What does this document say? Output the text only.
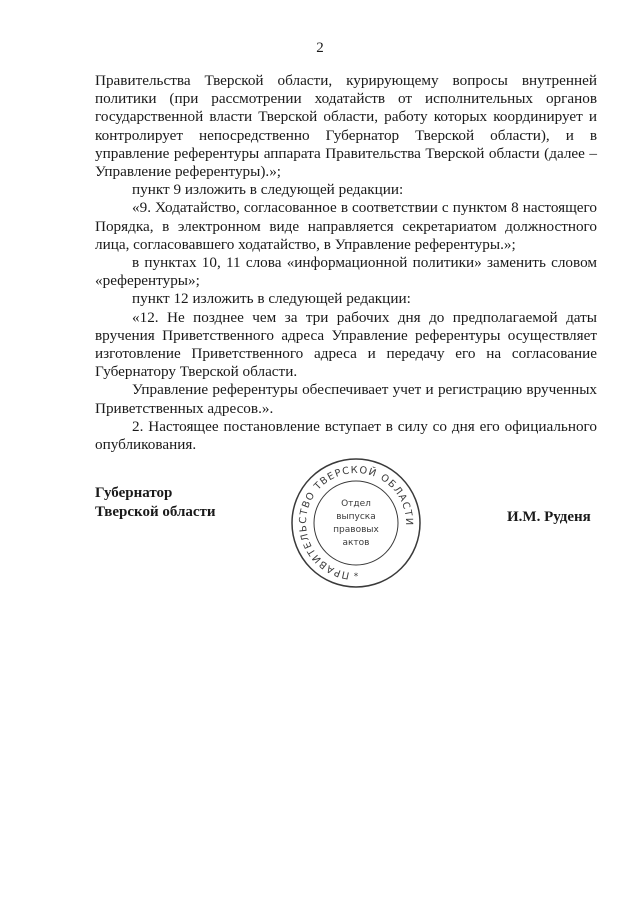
2

Правительства Тверской области, курирующему вопросы внутренней политики (при рассмотрении ходатайств от исполнительных органов государственной власти Тверской области, работу которых координирует и контролирует непосредственно Губернатор Тверской области), и в управление референтуры аппарата Правительства Тверской области (далее – Управление референтуры).»;

пункт 9 изложить в следующей редакции:

«9. Ходатайство, согласованное в соответствии с пунктом 8 настоящего Порядка, в электронном виде направляется секретариатом должностного лица, согласовавшего ходатайство, в Управление референтуры.»;

в пунктах 10, 11 слова «информационной политики» заменить словом «референтуры»;

пункт 12 изложить в следующей редакции:

«12. Не позднее чем за три рабочих дня до предполагаемой даты вручения Приветственного адреса Управление референтуры осуществляет изготовление Приветственного адреса и передачу его на согласование Губернатору Тверской области.

Управление референтуры обеспечивает учет и регистрацию врученных Приветственных адресов.».

2. Настоящее постановление вступает в силу со дня его официального опубликования.

Губернатор
Тверской области
ПРАВИТЕЛЬСТВО ТВЕРСКОЙ ОБЛАСТИ
Отдел
выпуска
правовых
актов
*
И.М. Руденя
